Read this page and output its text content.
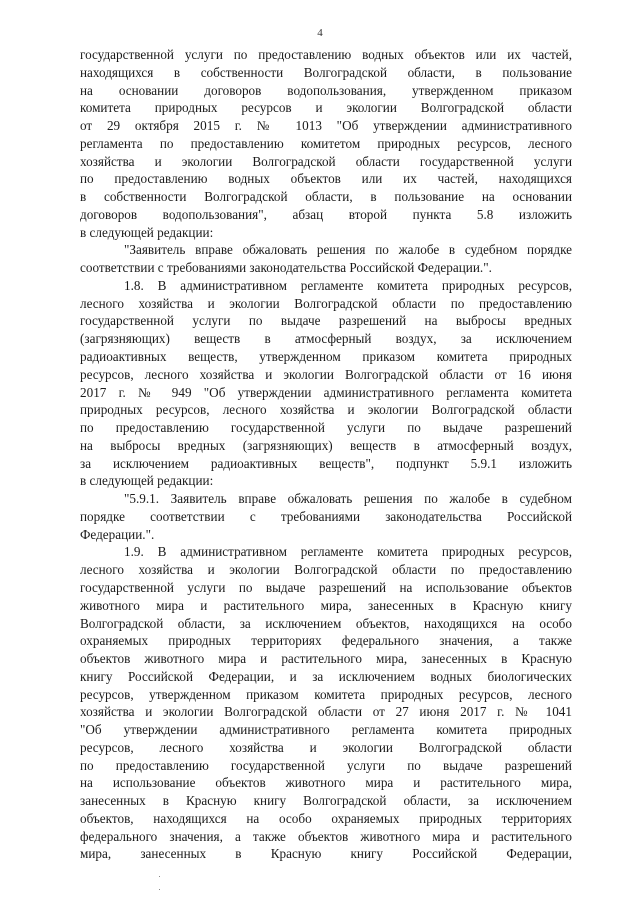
4
государственной услуги по предоставлению водных объектов или их частей,
находящихся в собственности Волгоградской области, в пользование
на основании договоров водопользования, утвержденном приказом
комитета природных ресурсов и экологии Волгоградской области
от 29 октября 2015 г. № 1013 "Об утверждении административного
регламента по предоставлению комитетом природных ресурсов, лесного
хозяйства и экологии Волгоградской области государственной услуги
по предоставлению водных объектов или их частей, находящихся
в собственности Волгоградской области, в пользование на основании
договоров водопользования", абзац второй пункта 5.8 изложить
в следующей редакции:
"Заявитель вправе обжаловать решения по жалобе в судебном порядке
соответствии с требованиями законодательства Российской Федерации.".
1.8. В административном регламенте комитета природных ресурсов,
лесного хозяйства и экологии Волгоградской области по предоставлению
государственной услуги по выдаче разрешений на выбросы вредных
(загрязняющих) веществ в атмосферный воздух, за исключением
радиоактивных веществ, утвержденном приказом комитета природных
ресурсов, лесного хозяйства и экологии Волгоградской области от 16 июня
2017 г. № 949 "Об утверждении административного регламента комитета
природных ресурсов, лесного хозяйства и экологии Волгоградской области
по предоставлению государственной услуги по выдаче разрешений
на выбросы вредных (загрязняющих) веществ в атмосферный воздух,
за исключением радиоактивных веществ", подпункт 5.9.1 изложить
в следующей редакции:
"5.9.1. Заявитель вправе обжаловать решения по жалобе в судебном
порядке соответствии с требованиями законодательства Российской
Федерации.".
1.9. В административном регламенте комитета природных ресурсов,
лесного хозяйства и экологии Волгоградской области по предоставлению
государственной услуги по выдаче разрешений на использование объектов
животного мира и растительного мира, занесенных в Красную книгу
Волгоградской области, за исключением объектов, находящихся на особо
охраняемых природных территориях федерального значения, а также
объектов животного мира и растительного мира, занесенных в Красную
книгу Российской Федерации, и за исключением водных биологических
ресурсов, утвержденном приказом комитета природных ресурсов, лесного
хозяйства и экологии Волгоградской области от 27 июня 2017 г. № 1041
"Об утверждении административного регламента комитета природных
ресурсов, лесного хозяйства и экологии Волгоградской области
по предоставлению государственной услуги по выдаче разрешений
на использование объектов животного мира и растительного мира,
занесенных в Красную книгу Волгоградской области, за исключением
объектов, находящихся на особо охраняемых природных территориях
федерального значения, а также объектов животного мира и растительного
мира, занесенных в Красную книгу Российской Федерации,
